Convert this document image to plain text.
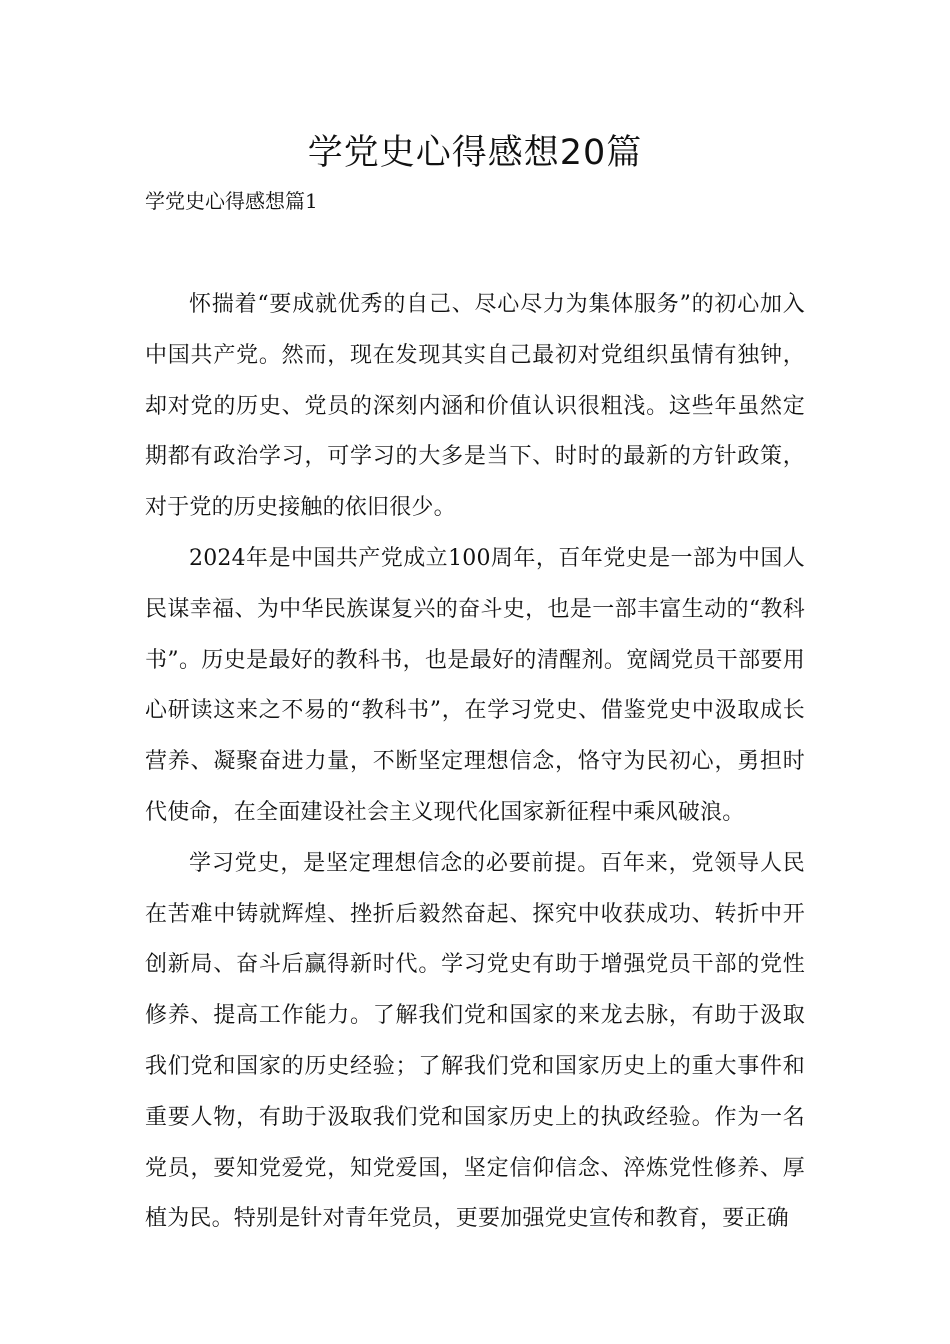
学党史心得感想20篇

学党史心得感想篇1

怀揣着“要成就优秀的自己、尽心尽力为集体服务”的初心加入中国共产党。然而，现在发现其实自己最初对党组织虽情有独钟，却对党的历史、党员的深刻内涵和价值认识很粗浅。这些年虽然定期都有政治学习，可学习的大多是当下、时时的最新的方针政策，对于党的历史接触的依旧很少。

2024年是中国共产党成立100周年，百年党史是一部为中国人民谋幸福、为中华民族谋复兴的奋斗史，也是一部丰富生动的“教科书”。历史是最好的教科书，也是最好的清醒剂。宽阔党员干部要用心研读这来之不易的“教科书”，在学习党史、借鉴党史中汲取成长营养、凝聚奋进力量，不断坚定理想信念，恪守为民初心，勇担时代使命，在全面建设社会主义现代化国家新征程中乘风破浪。

学习党史，是坚定理想信念的必要前提。百年来，党领导人民在苦难中铸就辉煌、挫折后毅然奋起、探究中收获成功、转折中开创新局、奋斗后赢得新时代。学习党史有助于增强党员干部的党性修养、提高工作能力。了解我们党和国家的来龙去脉，有助于汲取我们党和国家的历史经验；了解我们党和国家历史上的重大事件和重要人物，有助于汲取我们党和国家历史上的执政经验。作为一名党员，要知党爱党，知党爱国，坚定信仰信念、淬炼党性修养、厚植为民。特别是针对青年党员，更要加强党史宣传和教育，要正确
